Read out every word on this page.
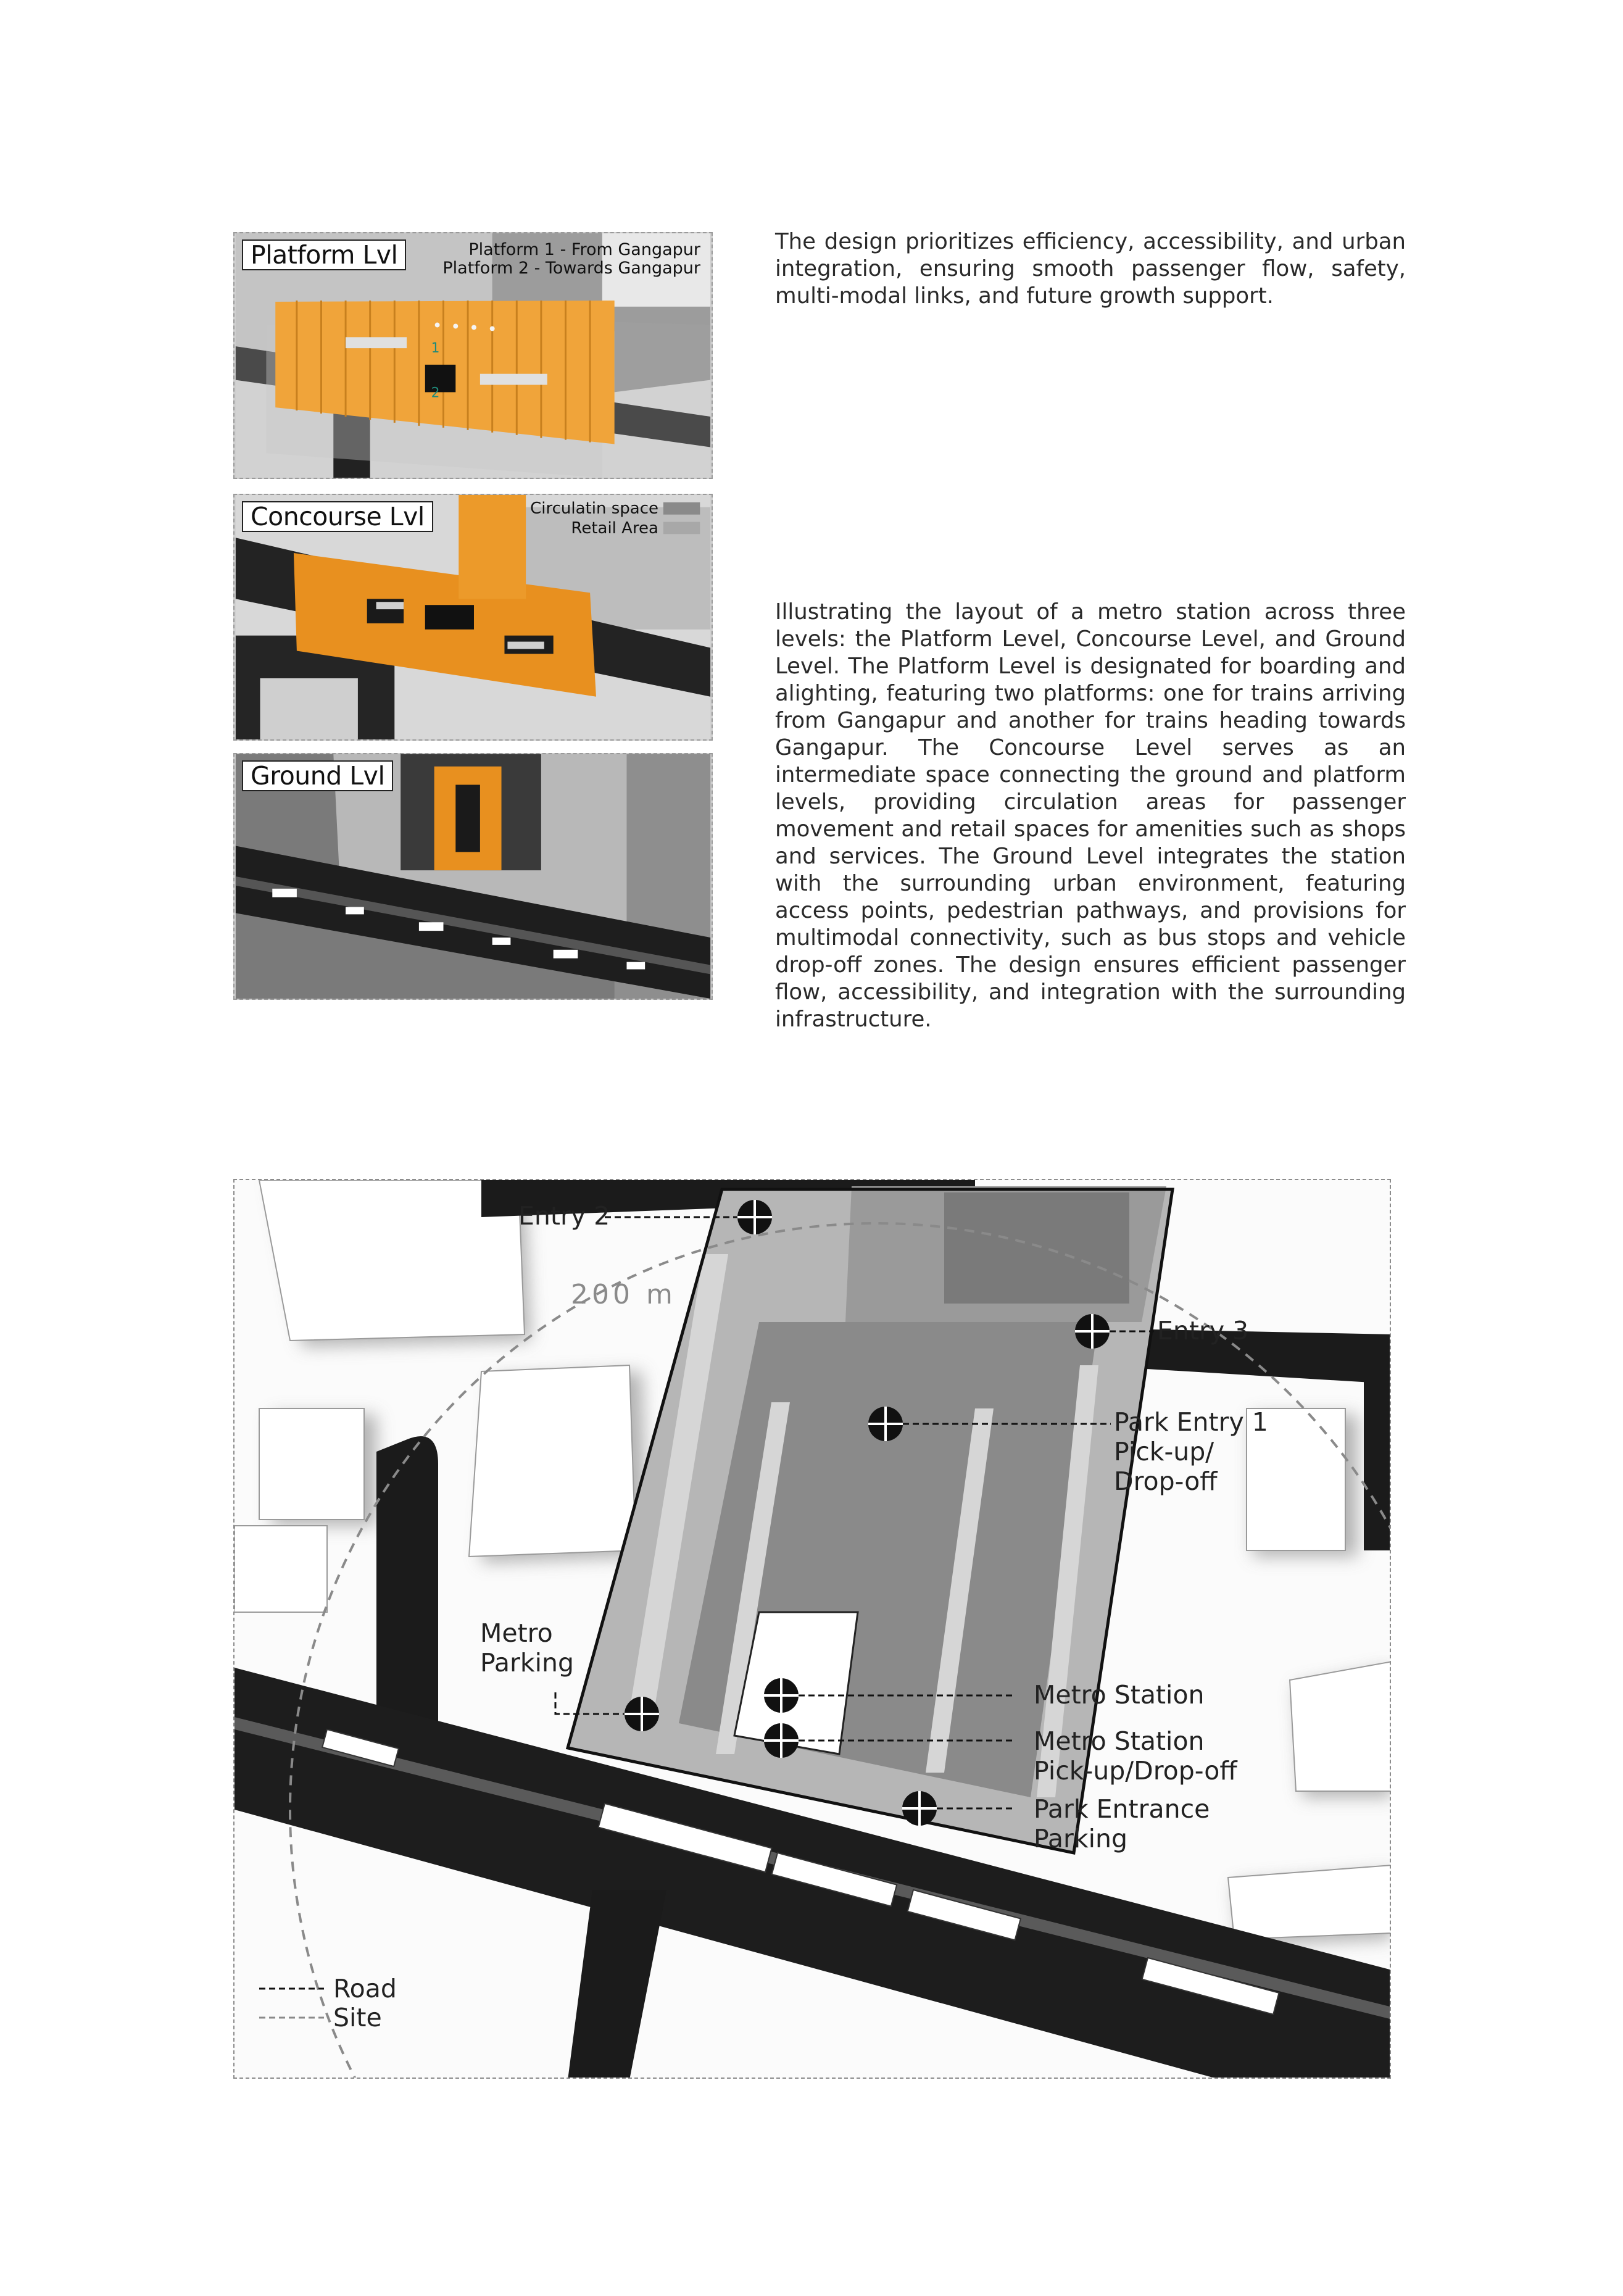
1
2
Platform Lvl	Platform 1 - From Gangapur
Platform 2 - Towards Gangapur
Concourse Lvl	Circulatin space
Retail Area
Ground Lvl
The design prioritizes efficiency, accessibility, and urban integration, ensuring smooth passenger flow, safety, multi-modal links, and future growth support.
Illustrating the layout of a metro station across three levels: the Platform Level, Concourse Level, and Ground Level. The Platform Level is designated for boarding and alighting, featuring two platforms: one for trains arriving from Gangapur and another for trains heading towards Gangapur. The Concourse Level serves as an intermediate space connecting the ground and platform levels, providing circulation areas for passenger movement and retail spaces for amenities such as shops and services. The Ground Level integrates the station with the surrounding urban environment, featuring access points, pedestrian pathways, and provisions for multimodal connectivity, such as bus stops and vehicle drop-off zones. The design ensures efficient passenger flow, accessibility, and integration with the surrounding infrastructure.
Entry 2
Entry 3
200 m
Park Entry 1
Pick-up/
Drop-off
Metro
Parking
Metro Station
Metro Station
Pick-up/Drop-off
Park Entrance
Parking
Road
Site
